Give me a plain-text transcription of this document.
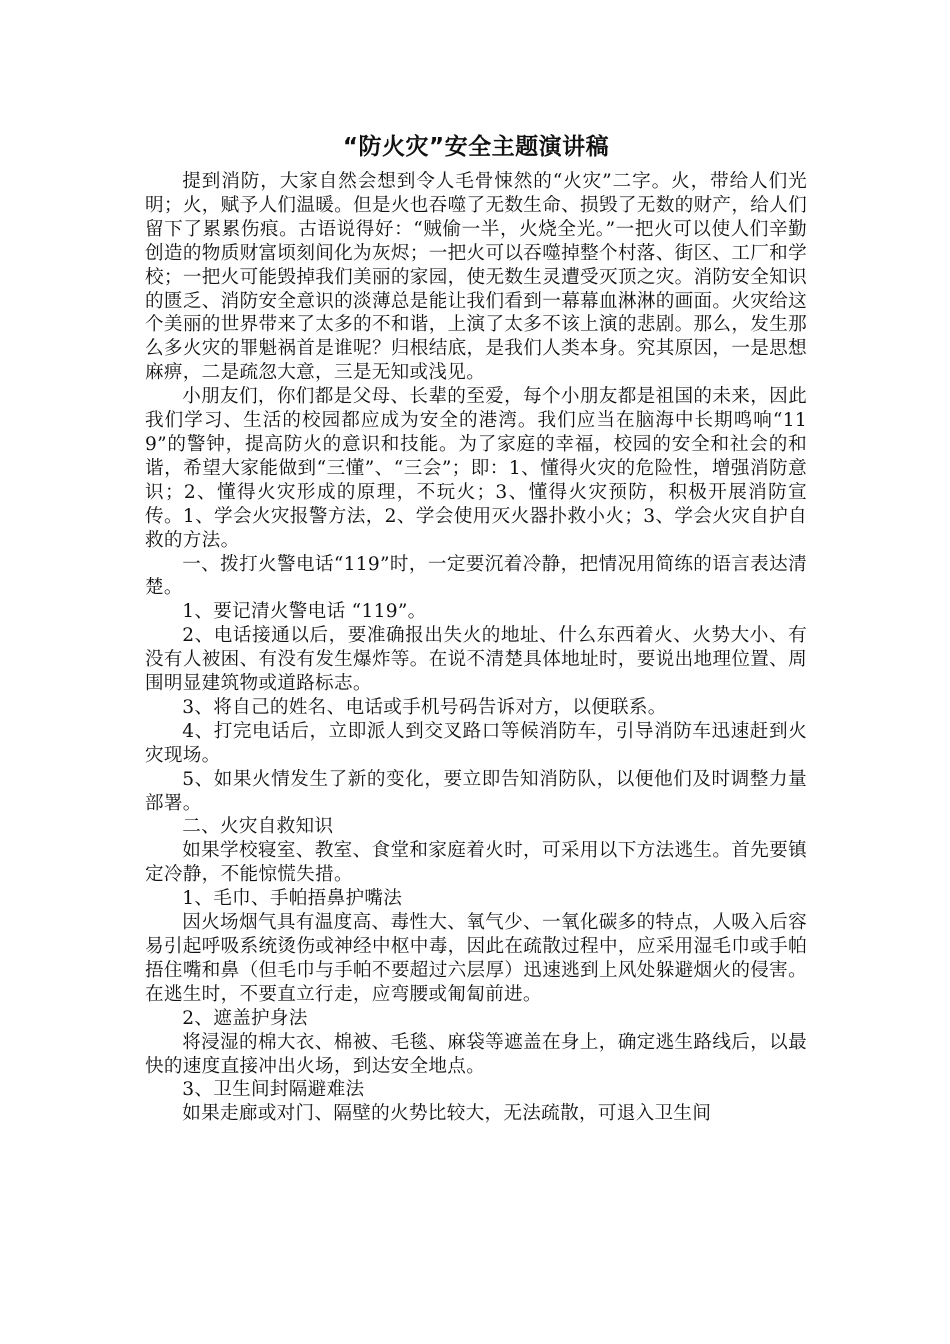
“防火灾”安全主题演讲稿

提到消防，大家自然会想到令人毛骨悚然的“火灾”二字。火，带给人们光明；火，赋予人们温暖。但是火也吞噬了无数生命、损毁了无数的财产，给人们留下了累累伤痕。古语说得好：“贼偷一半，火烧全光。”一把火可以使人们辛勤创造的物质财富顷刻间化为灰烬；一把火可以吞噬掉整个村落、街区、工厂和学校；一把火可能毁掉我们美丽的家园，使无数生灵遭受灭顶之灾。消防安全知识的匮乏、消防安全意识的淡薄总是能让我们看到一幕幕血淋淋的画面。火灾给这个美丽的世界带来了太多的不和谐，上演了太多不该上演的悲剧。那么，发生那么多火灾的罪魁祸首是谁呢？归根结底，是我们人类本身。究其原因，一是思想麻痹，二是疏忽大意，三是无知或浅见。

小朋友们，你们都是父母、长辈的至爱，每个小朋友都是祖国的未来，因此我们学习、生活的校园都应成为安全的港湾。我们应当在脑海中长期鸣响“119”的警钟，提高防火的意识和技能。为了家庭的幸福，校园的安全和社会的和谐，希望大家能做到“三懂”、“三会”；即：1、懂得火灾的危险性，增强消防意识；2、懂得火灾形成的原理，不玩火；3、懂得火灾预防，积极开展消防宣传。1、学会火灾报警方法，2、学会使用灭火器扑救小火；3、学会火灾自护自救的方法。

一、拨打火警电话“119”时，一定要沉着冷静，把情况用简练的语言表达清楚。

1、要记清火警电话 “119”。

2、电话接通以后，要准确报出失火的地址、什么东西着火、火势大小、有没有人被困、有没有发生爆炸等。在说不清楚具体地址时，要说出地理位置、周围明显建筑物或道路标志。

3、将自己的姓名、电话或手机号码告诉对方，以便联系。

4、打完电话后，立即派人到交叉路口等候消防车，引导消防车迅速赶到火灾现场。

5、如果火情发生了新的变化，要立即告知消防队，以便他们及时调整力量部署。

二、火灾自救知识

如果学校寝室、教室、食堂和家庭着火时，可采用以下方法逃生。首先要镇定冷静，不能惊慌失措。

1、毛巾、手帕捂鼻护嘴法

因火场烟气具有温度高、毒性大、氧气少、一氧化碳多的特点，人吸入后容易引起呼吸系统烫伤或神经中枢中毒，因此在疏散过程中，应采用湿毛巾或手帕捂住嘴和鼻（但毛巾与手帕不要超过六层厚）迅速逃到上风处躲避烟火的侵害。在逃生时，不要直立行走，应弯腰或匍匐前进。

2、遮盖护身法

将浸湿的棉大衣、棉被、毛毯、麻袋等遮盖在身上，确定逃生路线后，以最快的速度直接冲出火场，到达安全地点。

3、卫生间封隔避难法

如果走廊或对门、隔壁的火势比较大，无法疏散，可退入卫生间
